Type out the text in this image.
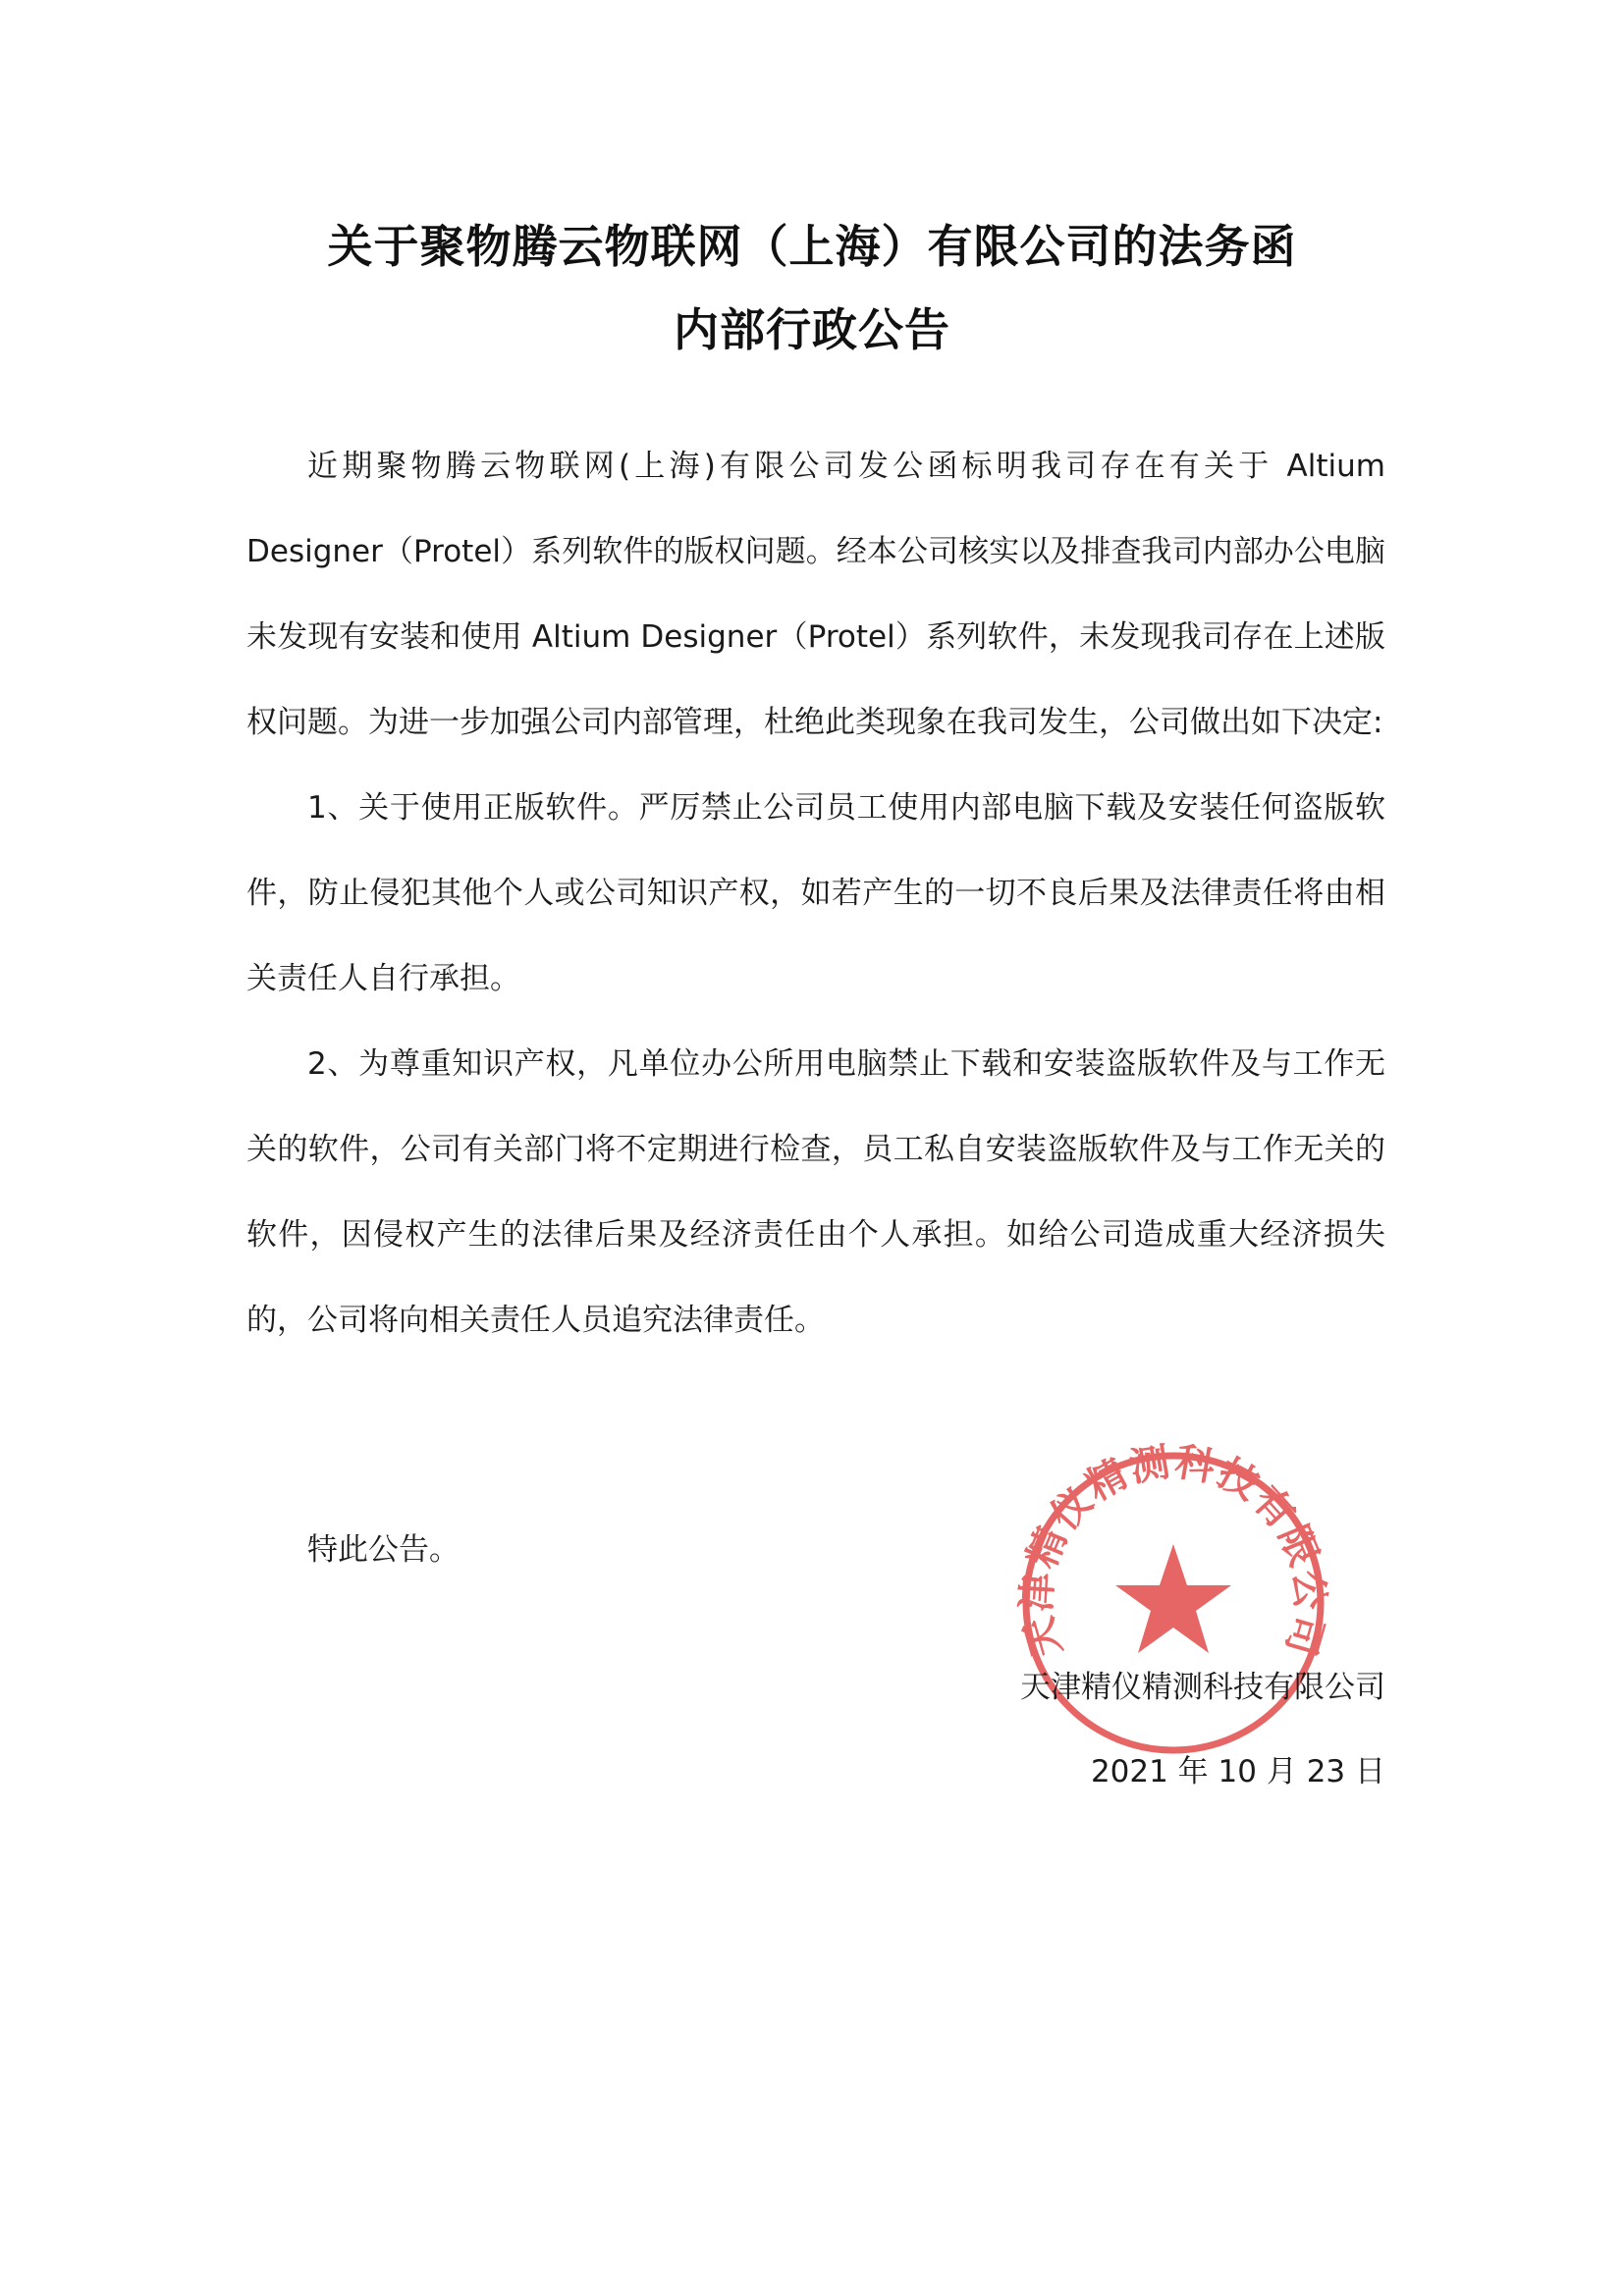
关于聚物腾云物联网（上海）有限公司的法务函
内部行政公告

近期聚物腾云物联网(上海)有限公司发公函标明我司存在有关于 Altium Designer（Protel）系列软件的版权问题。经本公司核实以及排查我司内部办公电脑未发现有安装和使用 Altium Designer（Protel）系列软件，未发现我司存在上述版权问题。为进一步加强公司内部管理，杜绝此类现象在我司发生，公司做出如下决定:

1、关于使用正版软件。严厉禁止公司员工使用内部电脑下载及安装任何盗版软件，防止侵犯其他个人或公司知识产权，如若产生的一切不良后果及法律责任将由相关责任人自行承担。

2、为尊重知识产权，凡单位办公所用电脑禁止下载和安装盗版软件及与工作无关的软件，公司有关部门将不定期进行检查，员工私自安装盗版软件及与工作无关的软件，因侵权产生的法律后果及经济责任由个人承担。如给公司造成重大经济损失的，公司将向相关责任人员追究法律责任。

特此公告。
天津精仪精测科技有限公司
天津精仪精测科技有限公司
2021 年 10 月 23 日
